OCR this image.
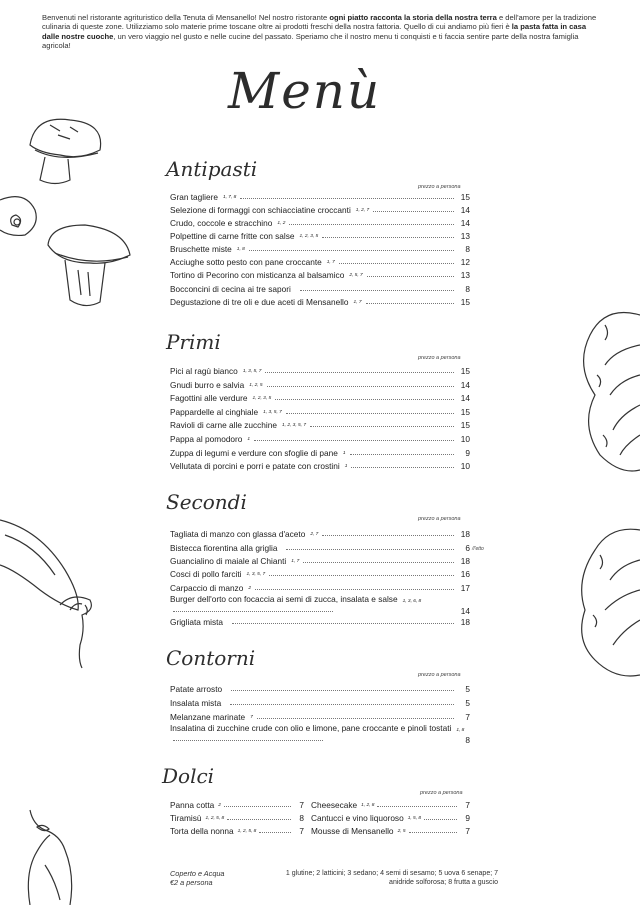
Benvenuti nel ristorante agrituristico della Tenuta di Mensanello! Nel nostro ristorante ogni piatto racconta la storia della nostra terra e dell'amore per la tradizione culinaria di queste zone. Utilizziamo solo materie prime toscane oltre ai prodotti freschi della nostra fattoria. Quello di cui andiamo più fieri è la pasta fatta in casa dalle nostre cuoche, un vero viaggio nel gusto e nelle cucine del passato. Speriamo che il nostro menu ti conquisti e ti faccia sentire parte della nostra famiglia agricola!
Menù
Antipasti
prezzo a persona
Gran tagliere 1, 7, 8	15
Selezione di formaggi con schiacciatine croccanti 1, 2, 7	14
Crudo, coccole e stracchino 1, 2	14
Polpettine di carne fritte con salse 1, 2, 3, 5	13
Bruschette miste 1, 8	8
Acciughe sotto pesto con pane croccante 1, 7	12
Tortino di Pecorino con misticanza al balsamico 2, 5, 7	13
Bocconcini di cecina ai tre sapori	8
Degustazione di tre oli e due aceti di Mensanello 1, 7	15
Primi
prezzo a persona
Pici al ragù bianco 1, 3, 5, 7	15
Gnudi burro e salvia 1, 2, 5	14
Fagottini alle verdure 1, 2, 3, 5	14
Pappardelle al cinghiale 1, 3, 5, 7	15
Ravioli di carne alle zucchine 1, 2, 3, 5, 7	15
Pappa al pomodoro 1	10
Zuppa di legumi e verdure con sfoglie di pane 1	9
Vellutata di porcini e porri e patate con crostini 1	10
Secondi
prezzo a persona
Tagliata di manzo con glassa d'aceto 2, 7	18
Bistecca fiorentina alla griglia	6 /l'etto
Guancialino di maiale al Chianti 1, 7	18
Cosci di pollo farciti 1, 3, 5, 7	16
Carpaccio di manzo 2	17
Burger dell'orto con focaccia ai semi di zucca, insalata e salse 1, 3, 6, 8
14
Grigliata mista	18
Contorni
prezzo a persona
Patate arrosto	5
Insalata mista	5
Melanzane marinate 7	7
Insalatina di zucchine crude con olio e limone, pane croccante e pinoli tostati 1, 8
8
Dolci
prezzo a persona
Panna cotta 2	7 Cheesecake 1, 2, 8	7
Tiramisù 1, 2, 5, 8	8 Cantucci e vino liquoroso 1, 5, 8	9
Torta della nonna 1, 2, 5, 8	7 Mousse di Mensanello 2, 5	7
Coperto e Acqua
€2 a persona
1 glutine; 2 latticini; 3 sedano; 4 semi di sesamo; 5 uova 6 senape; 7 anidride solforosa; 8 frutta a guscio
